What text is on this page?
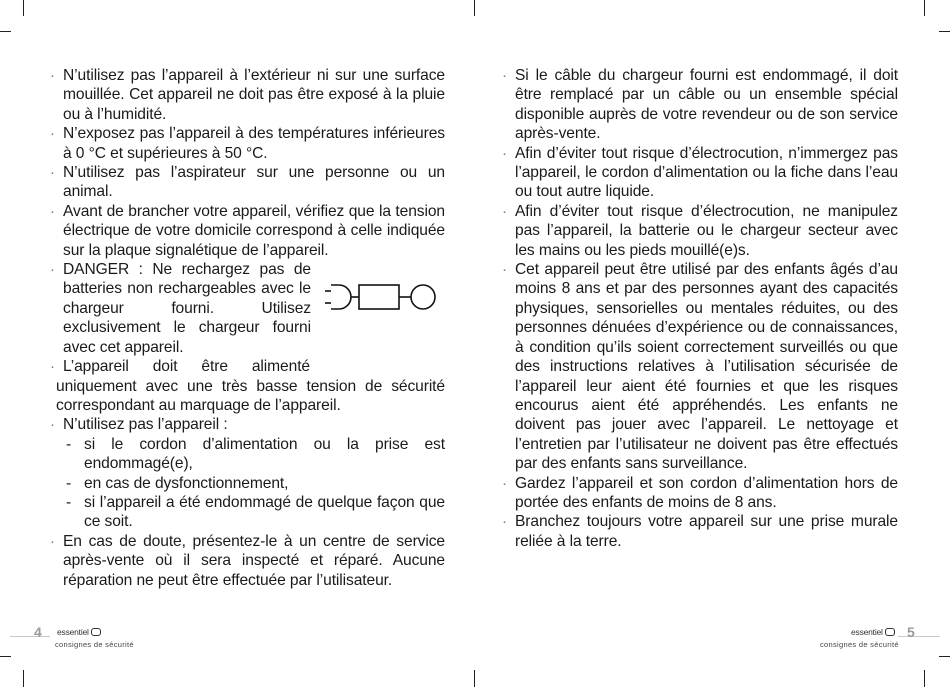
· N’utilisez pas l’appareil à l’extérieur ni sur une surface mouillée. Cet appareil ne doit pas être exposé à la pluie ou à l’humidité.
· N’exposez pas l’appareil à des températures inférieures à 0 °C et supérieures à 50 °C.
· N’utilisez pas l’aspirateur sur une personne ou un animal.
· Avant de brancher votre appareil, vérifiez que la tension électrique de votre domicile correspond à celle indiquée sur la plaque signalétique de l’appareil.
· DANGER : Ne rechargez pas de batteries non rechargeables avec le chargeur fourni. Utilisez exclusivement le chargeur fourni avec cet appareil.
· L’appareil doit être alimenté
uniquement avec une très basse tension de sécurité correspondant au marquage de l’appareil.
· N’utilisez pas l’appareil :
- si le cordon d’alimentation ou la prise est endommagé(e),
- en cas de dysfonctionnement,
- si l’appareil a été endommagé de quelque façon que ce soit.
· En cas de doute, présentez-le à un centre de service après-vente où il sera inspecté et réparé. Aucune réparation ne peut être effectuée par l’utilisateur.
· Si le câble du chargeur fourni est endommagé, il doit être remplacé par un câble ou un ensemble spécial disponible auprès de votre revendeur ou de son service après-vente.
· Afin d’éviter tout risque d’électrocution, n’immergez pas l’appareil, le cordon d’alimentation ou la fiche dans l’eau ou tout autre liquide.
· Afin d’éviter tout risque d’électrocution, ne manipulez pas l’appareil, la batterie ou le chargeur secteur avec les mains ou les pieds mouillé(e)s.
· Cet appareil peut être utilisé par des enfants âgés d’au moins 8 ans et par des personnes ayant des capacités physiques, sensorielles ou mentales réduites, ou des personnes dénuées d’expérience ou de connaissances, à condition qu’ils soient correctement surveillés ou que des instructions relatives à l’utilisation sécurisée de l’appareil leur aient été fournies et que les risques encourus aient été appréhendés. Les enfants ne doivent pas jouer avec l’appareil. Le nettoyage et l’entretien par l’utilisateur ne doivent pas être effectués par des enfants sans surveillance.
· Gardez l’appareil et son cordon d’alimentation hors de portée des enfants de moins de 8 ans.
· Branchez toujours votre appareil sur une prise murale reliée à la terre.
4 essentiel
consignes de sécurité
5
essentiel
consignes de sécurité
